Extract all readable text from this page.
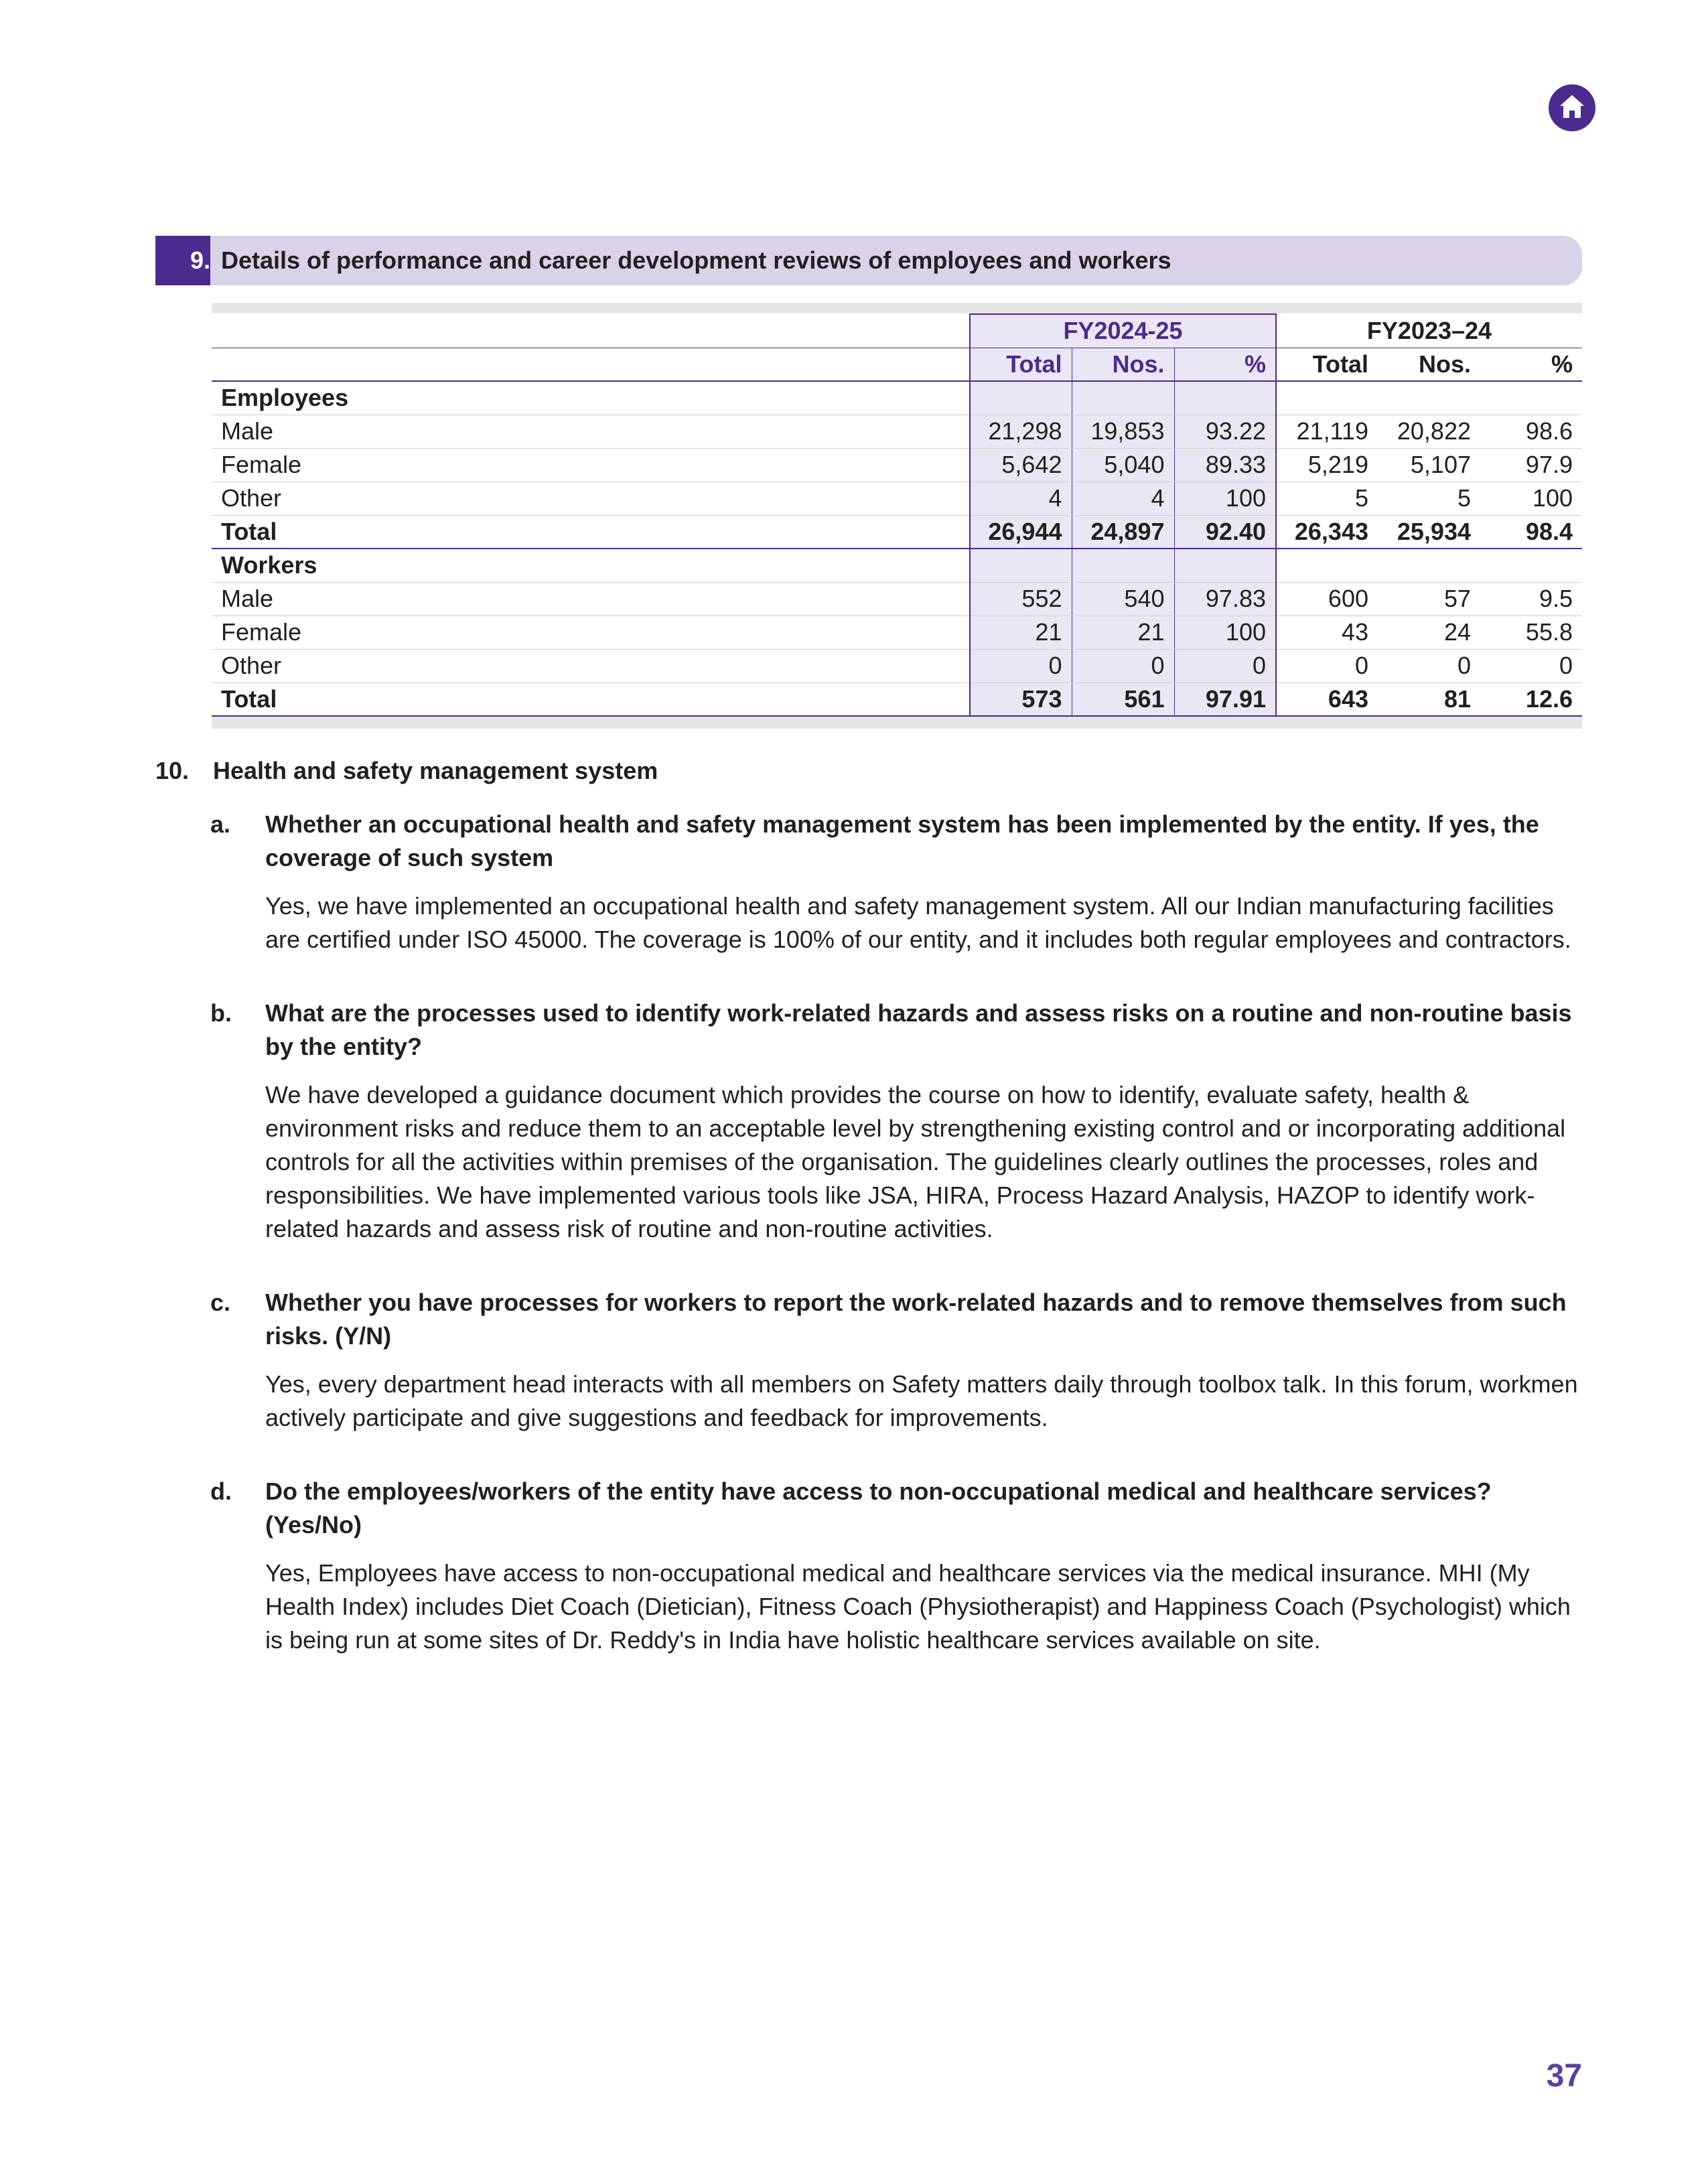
9. Details of performance and career development reviews of employees and workers
	FY2024-25			FY2023–24		
	Total	Nos.	%	Total	Nos.	%
Employees						
Male	21,298	19,853	93.22	21,119	20,822	98.6
Female	5,642	5,040	89.33	5,219	5,107	97.9
Other	4	4	100	5	5	100
Total	26,944	24,897	92.40	26,343	25,934	98.4
Workers						
Male	552	540	97.83	600	57	9.5
Female	21	21	100	43	24	55.8
Other	0	0	0	0	0	0
Total	573	561	97.91	643	81	12.6
10. Health and safety management system
a. Whether an occupational health and safety management system has been implemented by the entity. If yes, the coverage of such system
Yes, we have implemented an occupational health and safety management system. All our Indian manufacturing facilities are certified under ISO 45000. The coverage is 100% of our entity, and it includes both regular employees and contractors.
b. What are the processes used to identify work-related hazards and assess risks on a routine and non-routine basis by the entity?
We have developed a guidance document which provides the course on how to identify, evaluate safety, health & environment risks and reduce them to an acceptable level by strengthening existing control and or incorporating additional controls for all the activities within premises of the organisation. The guidelines clearly outlines the processes, roles and responsibilities. We have implemented various tools like JSA, HIRA, Process Hazard Analysis, HAZOP to identify work-related hazards and assess risk of routine and non-routine activities.
c. Whether you have processes for workers to report the work-related hazards and to remove themselves from such risks. (Y/N)
Yes, every department head interacts with all members on Safety matters daily through toolbox talk. In this forum, workmen actively participate and give suggestions and feedback for improvements.
d. Do the employees/workers of the entity have access to non-occupational medical and healthcare services? (Yes/No)
Yes, Employees have access to non-occupational medical and healthcare services via the medical insurance. MHI (My Health Index) includes Diet Coach (Dietician), Fitness Coach (Physiotherapist) and Happiness Coach (Psychologist) which is being run at some sites of Dr. Reddy's in India have holistic healthcare services available on site.
37
